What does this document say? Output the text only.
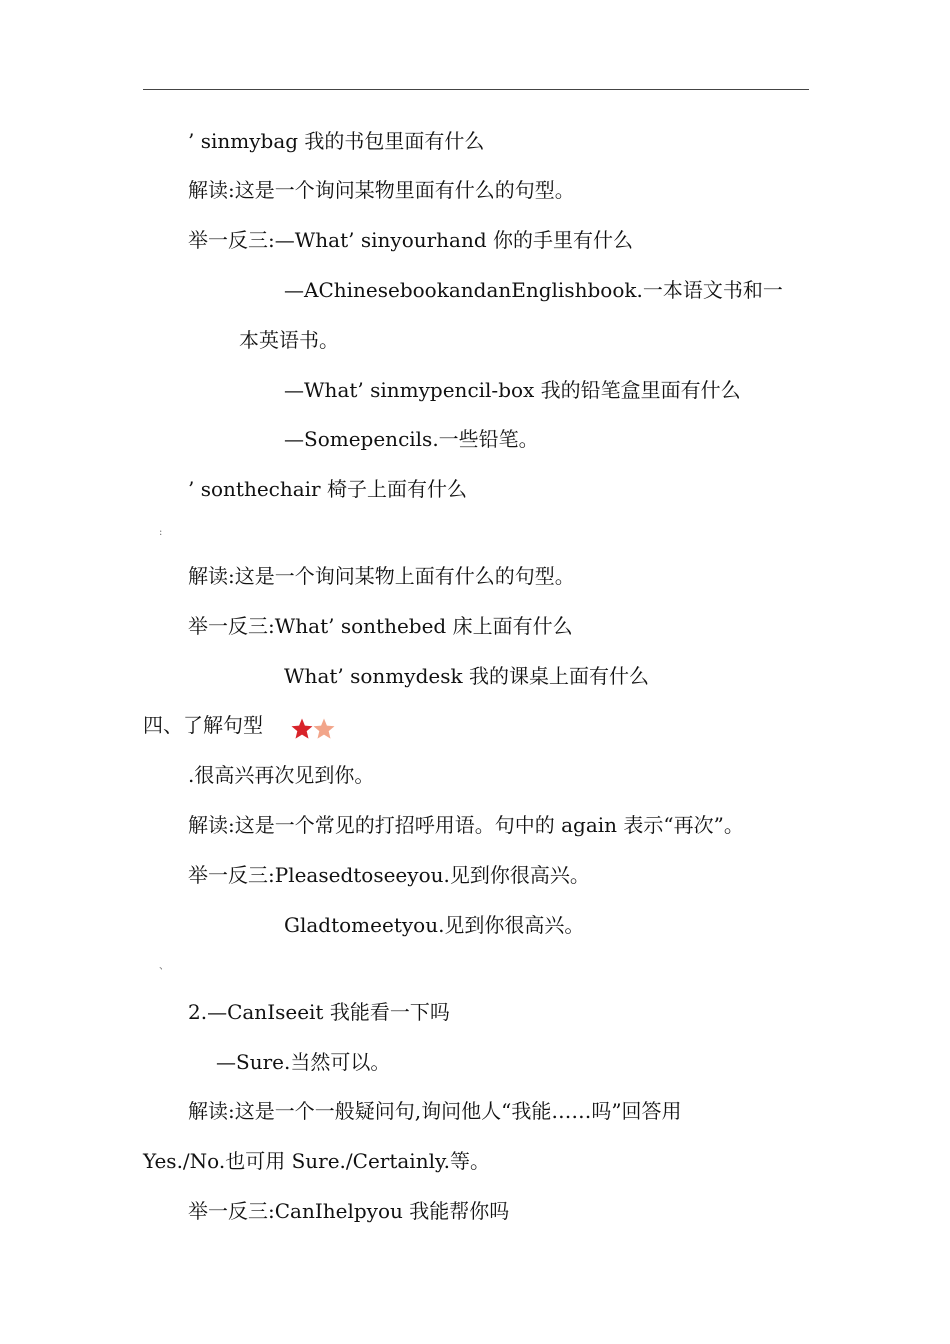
’ sinmybag 我的书包里面有什么
解读:这是一个询问某物里面有什么的句型。
举一反三:—What’ sinyourhand 你的手里有什么
—AChinesebookandanEnglishbook.一本语文书和一
本英语书。
—What’ sinmypencil-box 我的铅笔盒里面有什么
—Somepencils.一些铅笔。
’ sonthechair 椅子上面有什么
:
解读:这是一个询问某物上面有什么的句型。
举一反三:What’ sonthebed 床上面有什么
What’ sonmydesk 我的课桌上面有什么
四、了解句型
.很高兴再次见到你。
解读:这是一个常见的打招呼用语。句中的 again 表示“再次”。
举一反三:Pleasedtoseeyou.见到你很高兴。
Gladtomeetyou.见到你很高兴。
、
2.—CanIseeit 我能看一下吗
—Sure.当然可以。
解读:这是一个一般疑问句,询问他人“我能……吗”回答用
Yes./No.也可用 Sure./Certainly.等。
举一反三:CanIhelpyou 我能帮你吗
